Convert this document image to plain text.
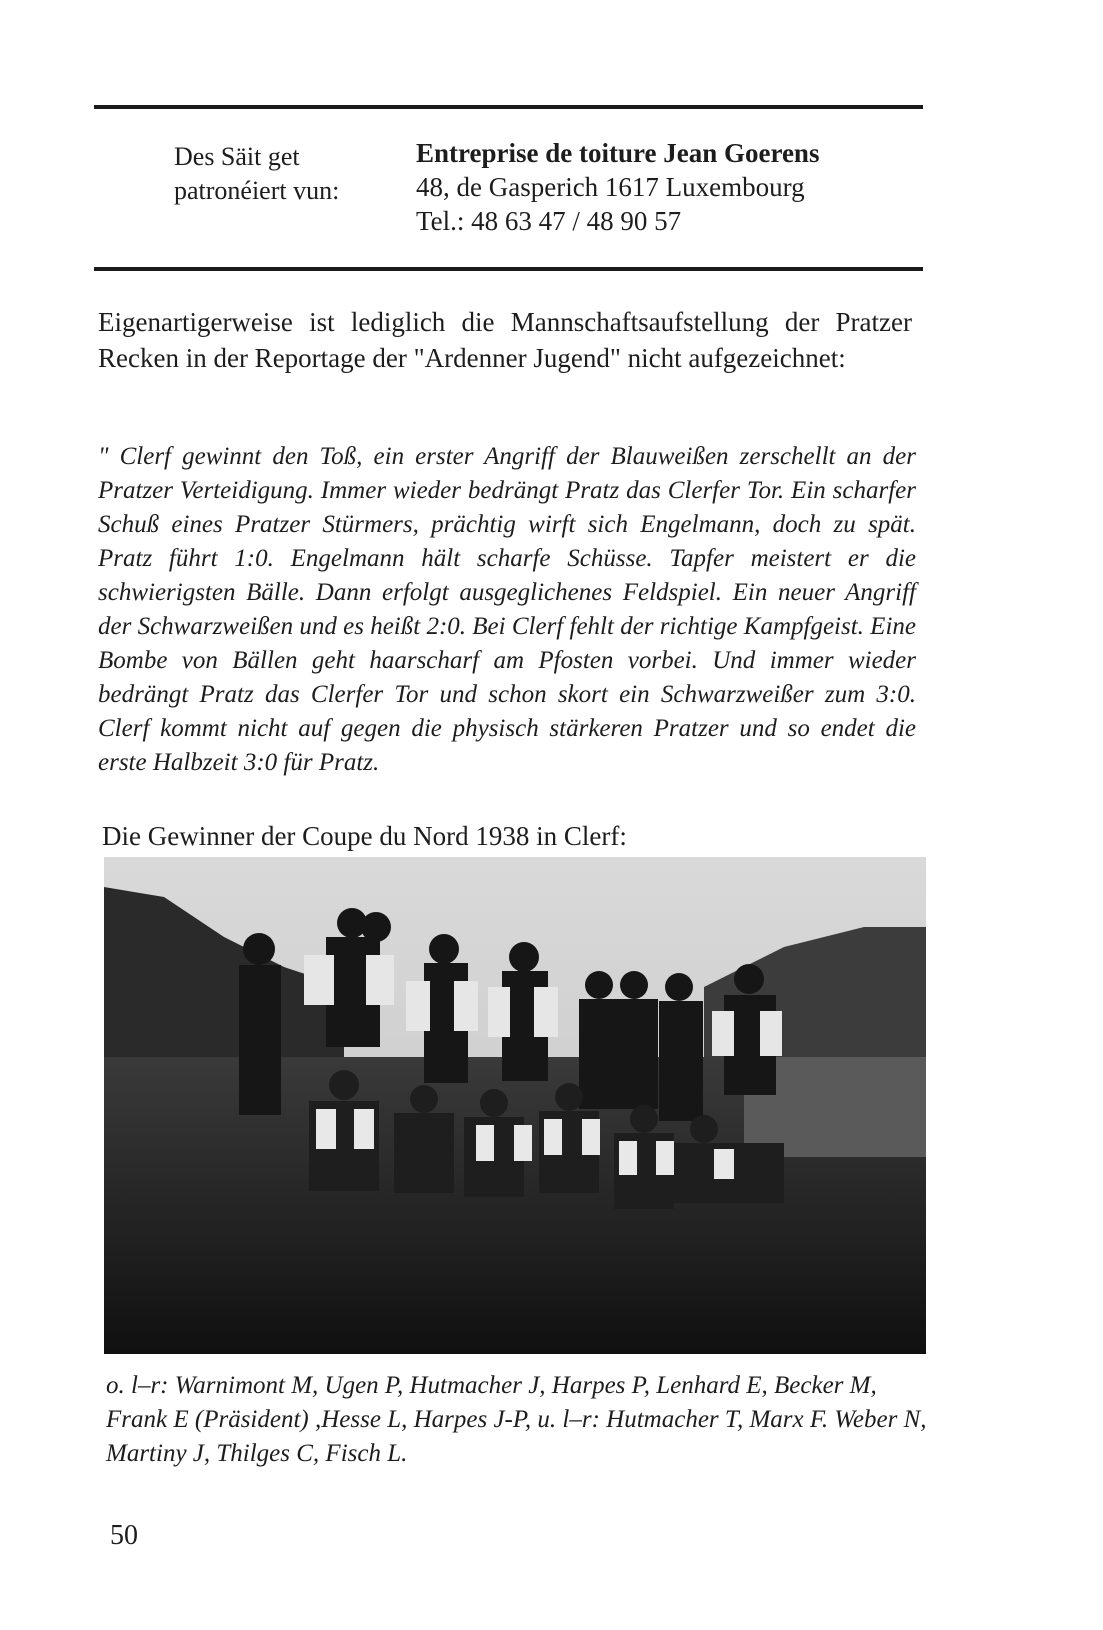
Des Säit get
patronéiert vun:
Entreprise de toiture Jean Goerens
48, de Gasperich 1617 Luxembourg
Tel.: 48 63 47 / 48 90 57

Eigenartigerweise ist lediglich die Mannschaftsaufstellung der Pratzer Recken in der Reportage der "Ardenner Jugend" nicht aufgezeichnet:

" Clerf gewinnt den Toß, ein erster Angriff der Blauweißen zerschellt an der Pratzer Verteidigung. Immer wieder bedrängt Pratz das Clerfer Tor. Ein scharfer Schuß eines Pratzer Stürmers, prächtig wirft sich Engelmann, doch zu spät. Pratz führt 1:0. Engelmann hält scharfe Schüsse. Tapfer meistert er die schwierigsten Bälle. Dann erfolgt ausgeglichenes Feldspiel. Ein neuer Angriff der Schwarzweißen und es heißt 2:0. Bei Clerf fehlt der richtige Kampfgeist. Eine Bombe von Bällen geht haarscharf am Pfosten vorbei. Und immer wieder bedrängt Pratz das Clerfer Tor und schon skort ein Schwarzweißer zum 3:0. Clerf kommt nicht auf gegen die physisch stärkeren Pratzer und so endet die erste Halbzeit 3:0 für Pratz.

Die Gewinner der Coupe du Nord 1938 in Clerf:

o. l–r: Warnimont M, Ugen P, Hutmacher J, Harpes P, Lenhard E, Becker M, Frank E (Präsident) ,Hesse L, Harpes J-P, u. l–r: Hutmacher T, Marx F. Weber N, Martiny J, Thilges C, Fisch L.

50
